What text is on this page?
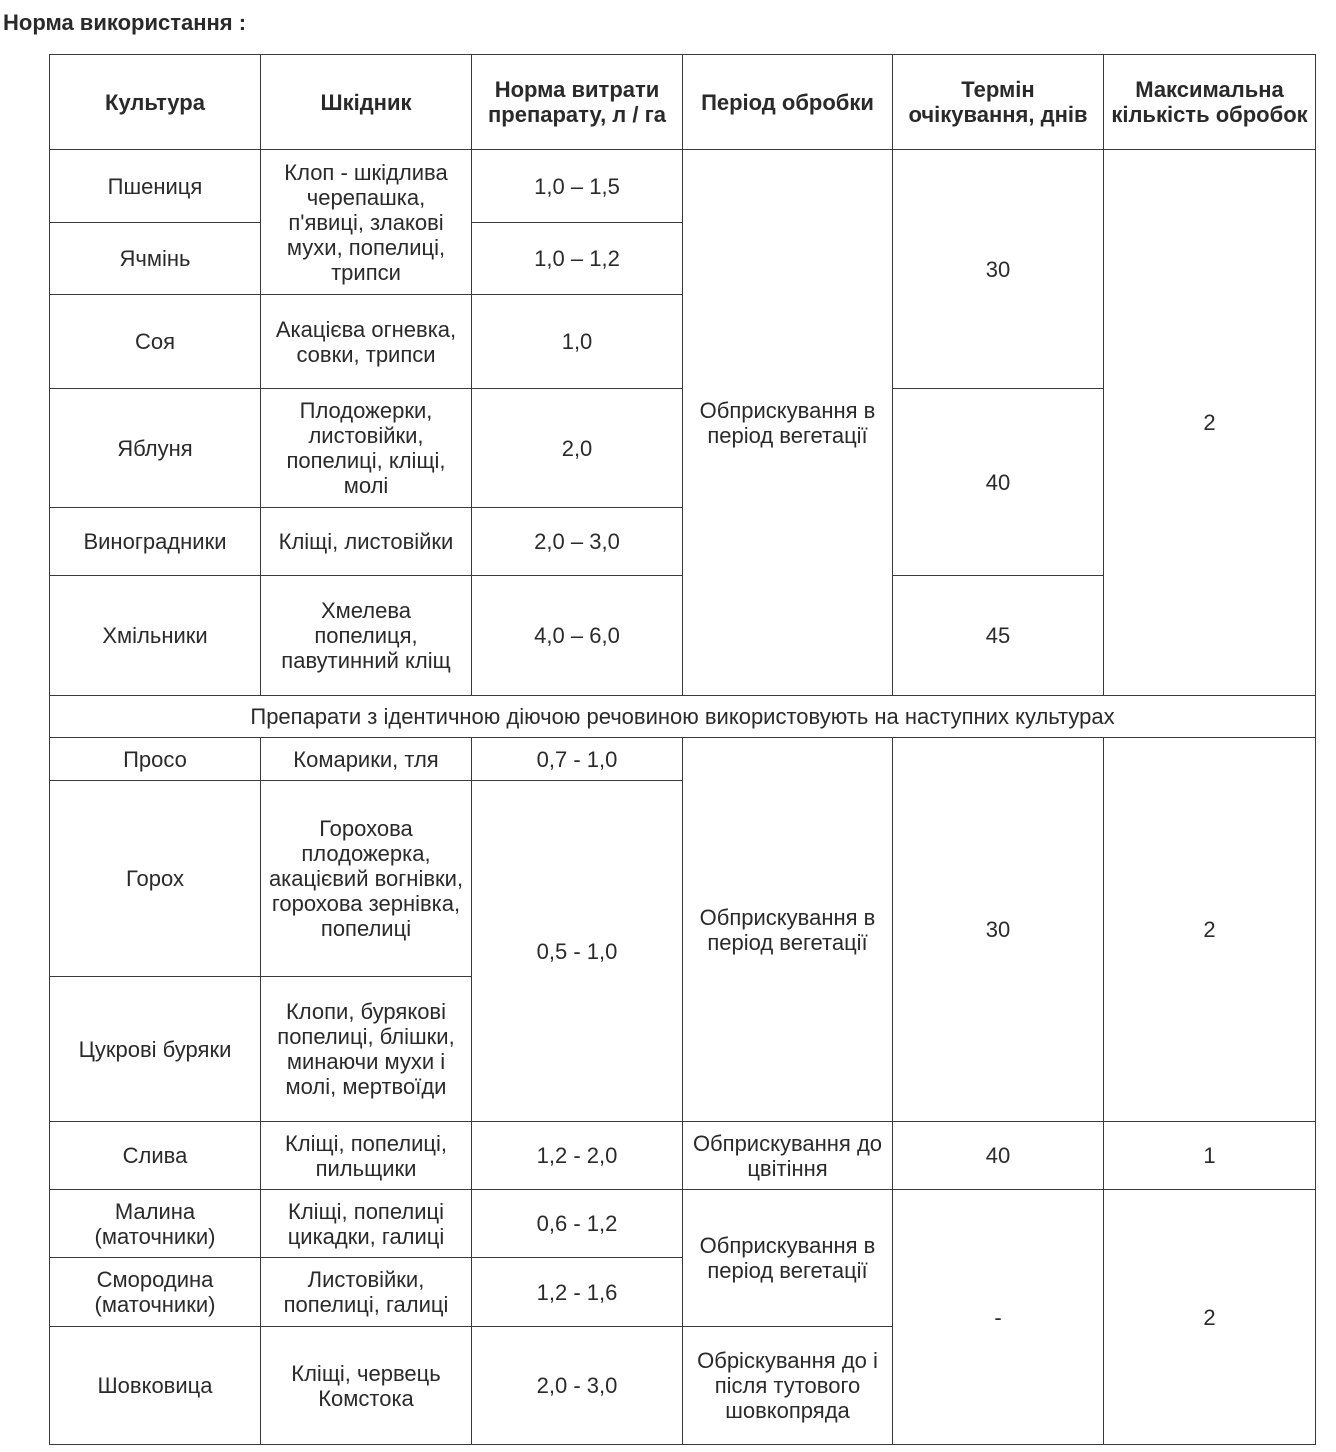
Норма використання :
Культура	Шкідник	Норма витрати препарату, л / га	Період обробки	Термін очікування, днів	Максимальна кількість обробок
Пшениця	Клоп - шкідлива черепашка, п'явиці, злакові мухи, попелиці, трипси	1,0 – 1,5	Обприскування в період вегетації	30	2
Ячмінь		1,0 – 1,2			
Соя	Акацієва огневка, совки, трипси	1,0			
Яблуня	Плодожерки, листовійки, попелиці, кліщі, молі	2,0		40	
Виноградники	Кліщі, листовійки	2,0 – 3,0			
Хмільники	Хмелева попелиця, павутинний кліщ	4,0 – 6,0		45	
Препарати з ідентичною діючою речовиною використовують на наступних культурах					
Просо	Комарики, тля	0,7 - 1,0	Обприскування в період вегетації	30	2
Горох	Горохова плодожерка, акацієвий вогнівки, горохова зернівка, попелиці	0,5 - 1,0			
Цукрові буряки	Клопи, бурякові попелиці, блішки, минаючи мухи і молі, мертвоїди				
Слива	Кліщі, попелиці, пильщики	1,2 - 2,0	Обприскування до цвітіння	40	1
Малина (маточники)	Кліщі, попелиці цикадки, галиці	0,6 - 1,2	Обприскування в період вегетації	-	2
Смородина (маточники)	Листовійки, попелиці, галиці	1,2 - 1,6			
Шовковица	Кліщі, червець Комстока	2,0 - 3,0	Обріскування до і після тутового шовкопряда		
